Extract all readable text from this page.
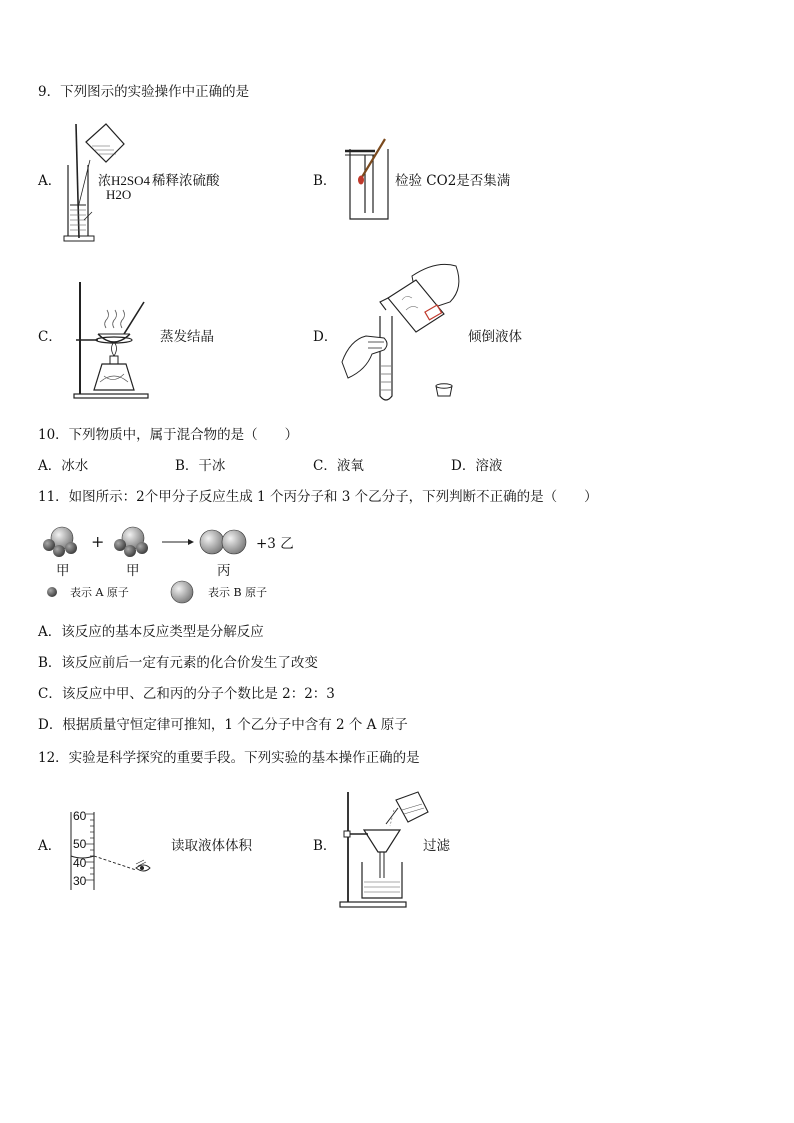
9．下列图示的实验操作中正确的是
A．	浓H2SO4 稀释浓硫酸
H2O
B．	检验 CO2是否集满
C．	蒸发结晶	D．	倾倒液体
10．下列物质中，属于混合物的是（　　）
A．冰水	B．干冰	C．液氧	D．溶液
11．如图所示：2个甲分子反应生成 1 个丙分子和 3 个乙分子，下列判断不正确的是（　　）
+	+3 乙
甲	甲	丙
表示 A 原子	表示 B 原子
A．该反应的基本反应类型是分解反应
B．该反应前后一定有元素的化合价发生了改变
C．该反应中甲、乙和丙的分子个数比是 2：2：3
D．根据质量守恒定律可推知，1 个乙分子中含有 2 个 A 原子
12．实验是科学探究的重要手段。下列实验的基本操作正确的是
A．
60
50
40
30
读取液体体积	B．	过滤
